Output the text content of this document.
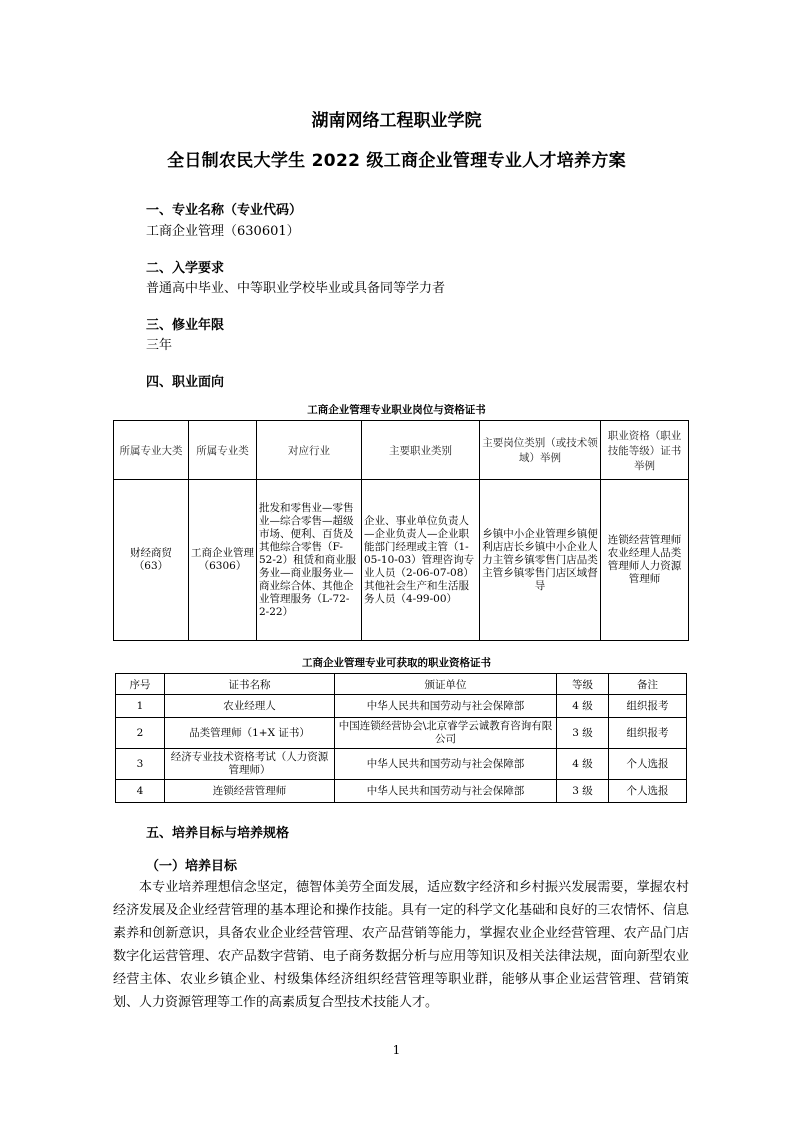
湖南网络工程职业学院
全日制农民大学生 2022 级工商企业管理专业人才培养方案
一、专业名称（专业代码）
工商企业管理（630601）
二、入学要求
普通高中毕业、中等职业学校毕业或具备同等学力者
三、修业年限
三年
四、职业面向
工商企业管理专业职业岗位与资格证书
所属专业大类	所属专业类	对应行业	主要职业类别	主要岗位类别（或技术领域）举例	职业资格（职业技能等级）证书举例
财经商贸（63）	工商企业管理（6306）	批发和零售业—零售业—综合零售—超级市场、便利、百货及其他综合零售（F-52-2）租赁和商业服务业—商业服务业—商业综合体、其他企业管理服务（L-72-2-22）	企业、事业单位负责人—企业负责人—企业职能部门经理或主管（1-05-10-03）管理咨询专业人员（2-06-07-08）其他社会生产和生活服务人员（4-99-00）	乡镇中小企业管理乡镇便利店店长乡镇中小企业人力主管乡镇零售门店品类主管乡镇零售门店区域督导	连锁经营管理师农业经理人品类管理师人力资源管理师
工商企业管理专业可获取的职业资格证书
序号	证书名称	颁证单位	等级	备注
1	农业经理人	中华人民共和国劳动与社会保障部	4 级	组织报考
2	品类管理师（1+X 证书）	中国连锁经营协会\北京睿学云诚教育咨询有限公司	3 级	组织报考
3	经济专业技术资格考试（人力资源管理师）	中华人民共和国劳动与社会保障部	4 级	个人选报
4	连锁经营管理师	中华人民共和国劳动与社会保障部	3 级	个人选报
五、培养目标与培养规格
（一）培养目标
本专业培养理想信念坚定，德智体美劳全面发展，适应数字经济和乡村振兴发展需要，掌握农村经济发展及企业经营管理的基本理论和操作技能。具有一定的科学文化基础和良好的三农情怀、信息素养和创新意识，具备农业企业经营管理、农产品营销等能力，掌握农业企业经营管理、农产品门店数字化运营管理、农产品数字营销、电子商务数据分析与应用等知识及相关法律法规，面向新型农业经营主体、农业乡镇企业、村级集体经济组织经营管理等职业群，能够从事企业运营管理、营销策划、人力资源管理等工作的高素质复合型技术技能人才。
1
